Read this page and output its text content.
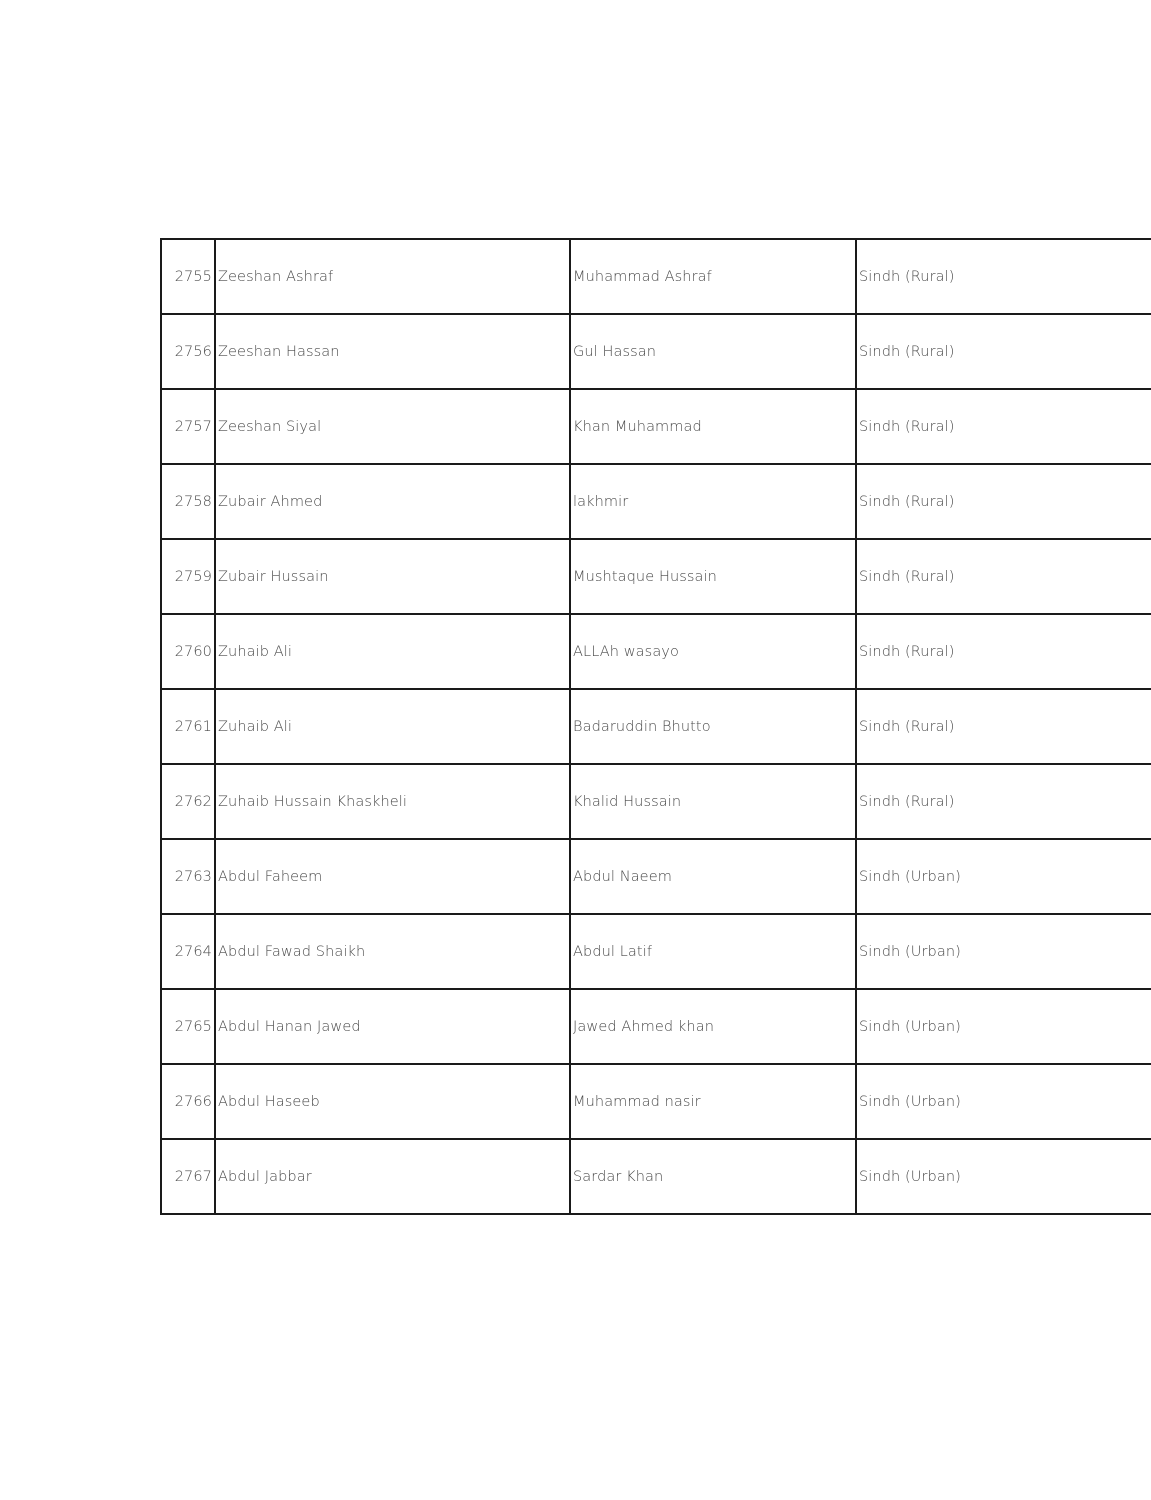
2755	Zeeshan Ashraf	Muhammad Ashraf	Sindh (Rural)
2756	Zeeshan Hassan	Gul Hassan	Sindh (Rural)
2757	Zeeshan Siyal	Khan Muhammad	Sindh (Rural)
2758	Zubair Ahmed	lakhmir	Sindh (Rural)
2759	Zubair Hussain	Mushtaque Hussain	Sindh (Rural)
2760	Zuhaib Ali	ALLAh wasayo	Sindh (Rural)
2761	Zuhaib Ali	Badaruddin Bhutto	Sindh (Rural)
2762	Zuhaib Hussain Khaskheli	Khalid Hussain	Sindh (Rural)
2763	Abdul Faheem	Abdul Naeem	Sindh (Urban)
2764	Abdul Fawad Shaikh	Abdul Latif	Sindh (Urban)
2765	Abdul Hanan Jawed	Jawed Ahmed khan	Sindh (Urban)
2766	Abdul Haseeb	Muhammad nasir	Sindh (Urban)
2767	Abdul Jabbar	Sardar Khan	Sindh (Urban)
